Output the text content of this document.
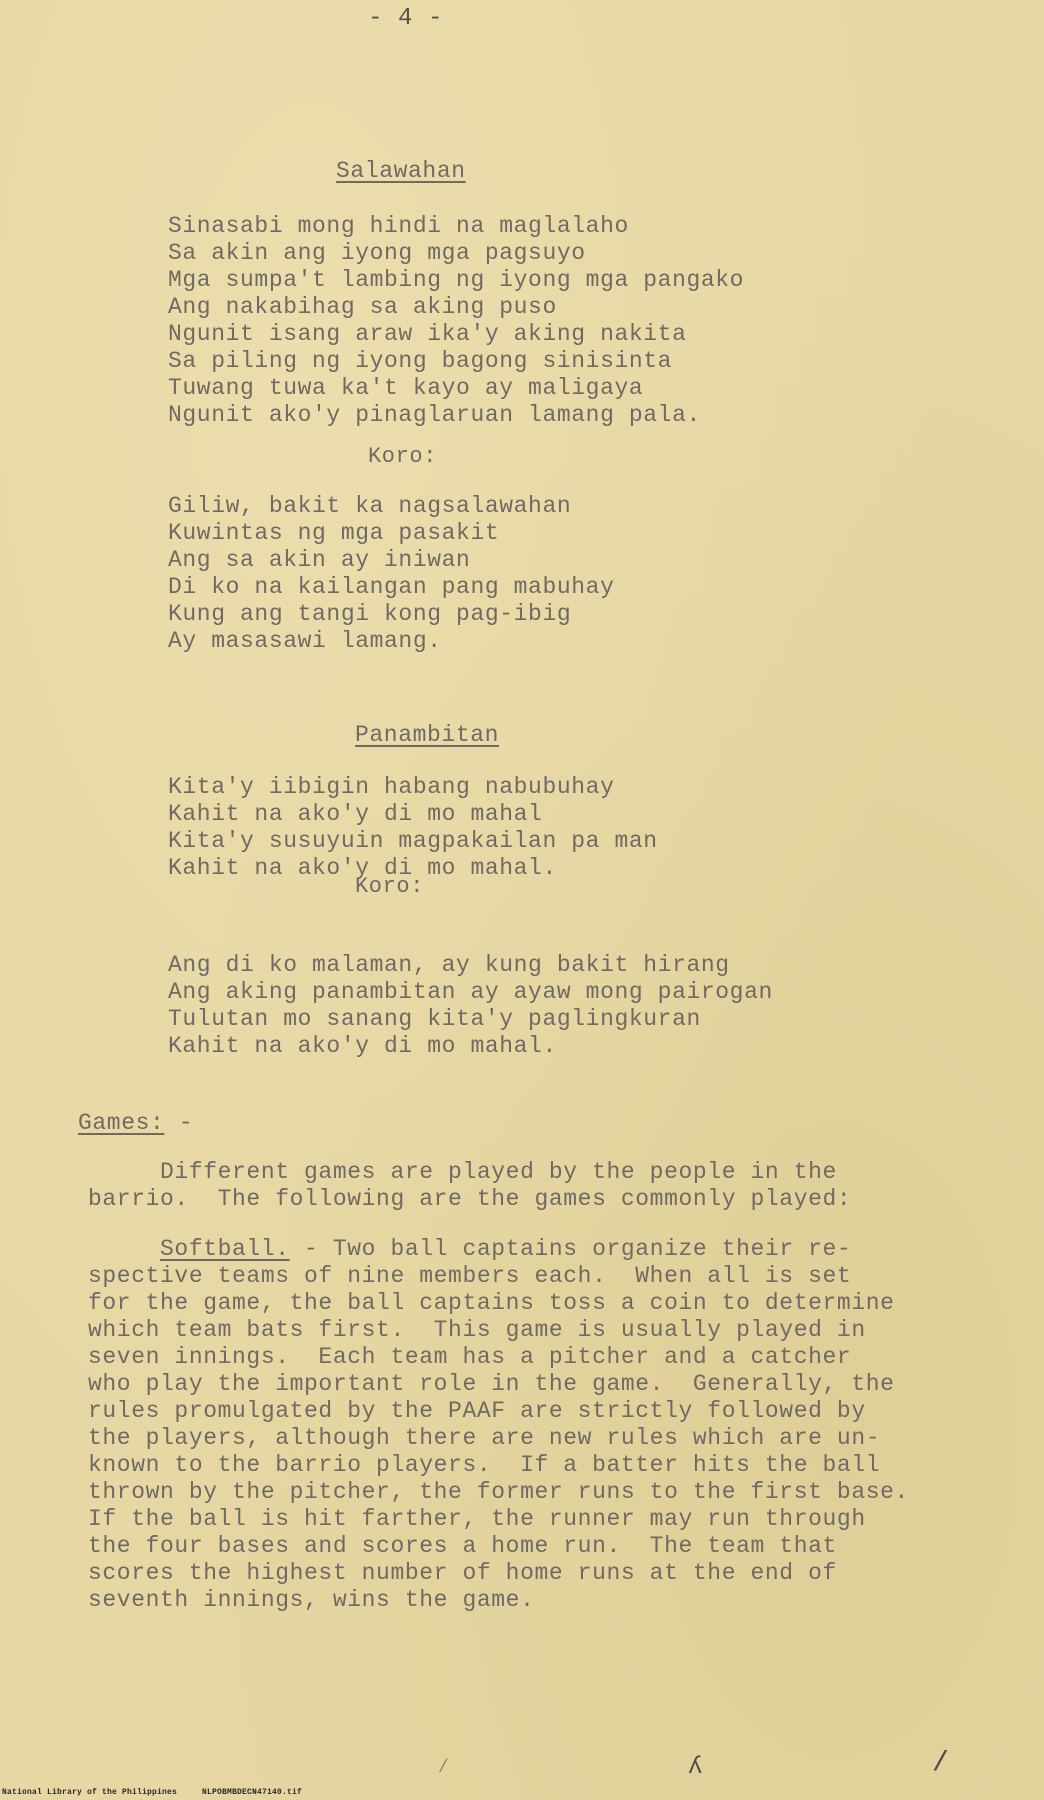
- 4 -
Salawahan
Sinasabi mong hindi na maglalaho
Sa akin ang iyong mga pagsuyo
Mga sumpa't lambing ng iyong mga pangako
Ang nakabihag sa aking puso
Ngunit isang araw ika'y aking nakita
Sa piling ng iyong bagong sinisinta
Tuwang tuwa ka't kayo ay maligaya
Ngunit ako'y pinaglaruan lamang pala.
Koro:
Giliw, bakit ka nagsalawahan
Kuwintas ng mga pasakit
Ang sa akin ay iniwan
Di ko na kailangan pang mabuhay
Kung ang tangi kong pag-ibig
Ay masasawi lamang.
Panambitan
Kita'y iibigin habang nabubuhay
Kahit na ako'y di mo mahal
Kita'y susuyuin magpakailan pa man
Kahit na ako'y di mo mahal.
Koro:
Ang di ko malaman, ay kung bakit hirang
Ang aking panambitan ay ayaw mong pairogan
Tulutan mo sanang kita'y paglingkuran
Kahit na ako'y di mo mahal.
Games: -
Different games are played by the people in the
barrio.  The following are the games commonly played:
Softball. - Two ball captains organize their re-
spective teams of nine members each.  When all is set
for the game, the ball captains toss a coin to determine
which team bats first.  This game is usually played in
seven innings.  Each team has a pitcher and a catcher
who play the important role in the game.  Generally, the
rules promulgated by the PAAF are strictly followed by
the players, although there are new rules which are un-
known to the barrio players.  If a batter hits the ball
thrown by the pitcher, the former runs to the first base.
If the ball is hit farther, the runner may run through
the four bases and scores a home run.  The team that
scores the highest number of home runs at the end of
seventh innings, wins the game.
ʎ	/
/
National Library of the Philippines     NLPOBMBDECN47140.tif
